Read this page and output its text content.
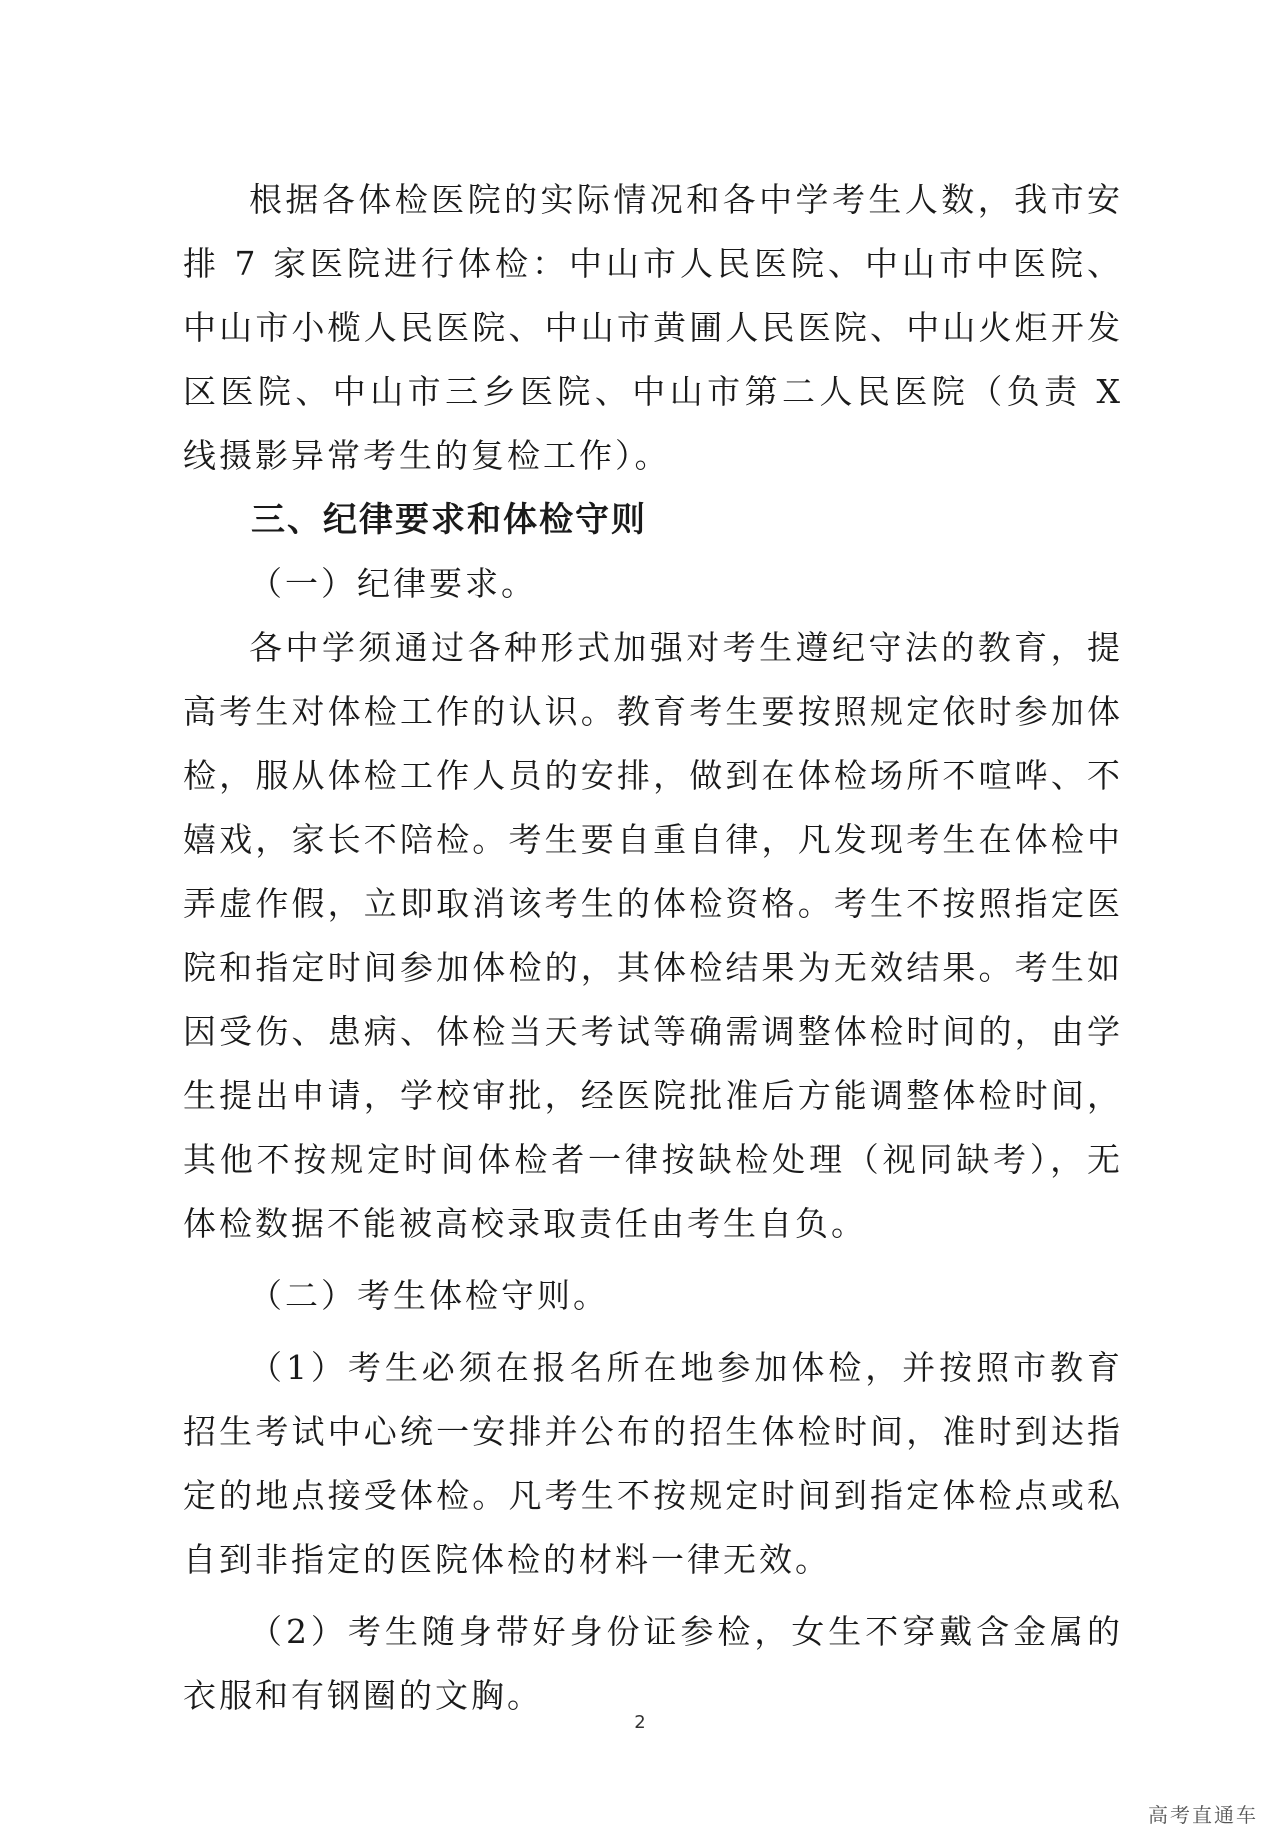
根据各体检医院的实际情况和各中学考生人数，我市安排 7 家医院进行体检：中山市人民医院、中山市中医院、中山市小榄人民医院、中山市黄圃人民医院、中山火炬开发区医院、中山市三乡医院、中山市第二人民医院（负责 X 线摄影异常考生的复检工作）。

三、纪律要求和体检守则

（一）纪律要求。

各中学须通过各种形式加强对考生遵纪守法的教育，提高考生对体检工作的认识。教育考生要按照规定依时参加体检，服从体检工作人员的安排，做到在体检场所不喧哗、不嬉戏，家长不陪检。考生要自重自律，凡发现考生在体检中弄虚作假，立即取消该考生的体检资格。考生不按照指定医院和指定时间参加体检的，其体检结果为无效结果。考生如因受伤、患病、体检当天考试等确需调整体检时间的，由学生提出申请，学校审批，经医院批准后方能调整体检时间，其他不按规定时间体检者一律按缺检处理（视同缺考），无体检数据不能被高校录取责任由考生自负。

（二）考生体检守则。

（1）考生必须在报名所在地参加体检，并按照市教育招生考试中心统一安排并公布的招生体检时间，准时到达指定的地点接受体检。凡考生不按规定时间到指定体检点或私自到非指定的医院体检的材料一律无效。

（2）考生随身带好身份证参检，女生不穿戴含金属的衣服和有钢圈的文胸。

2
高考直通车
